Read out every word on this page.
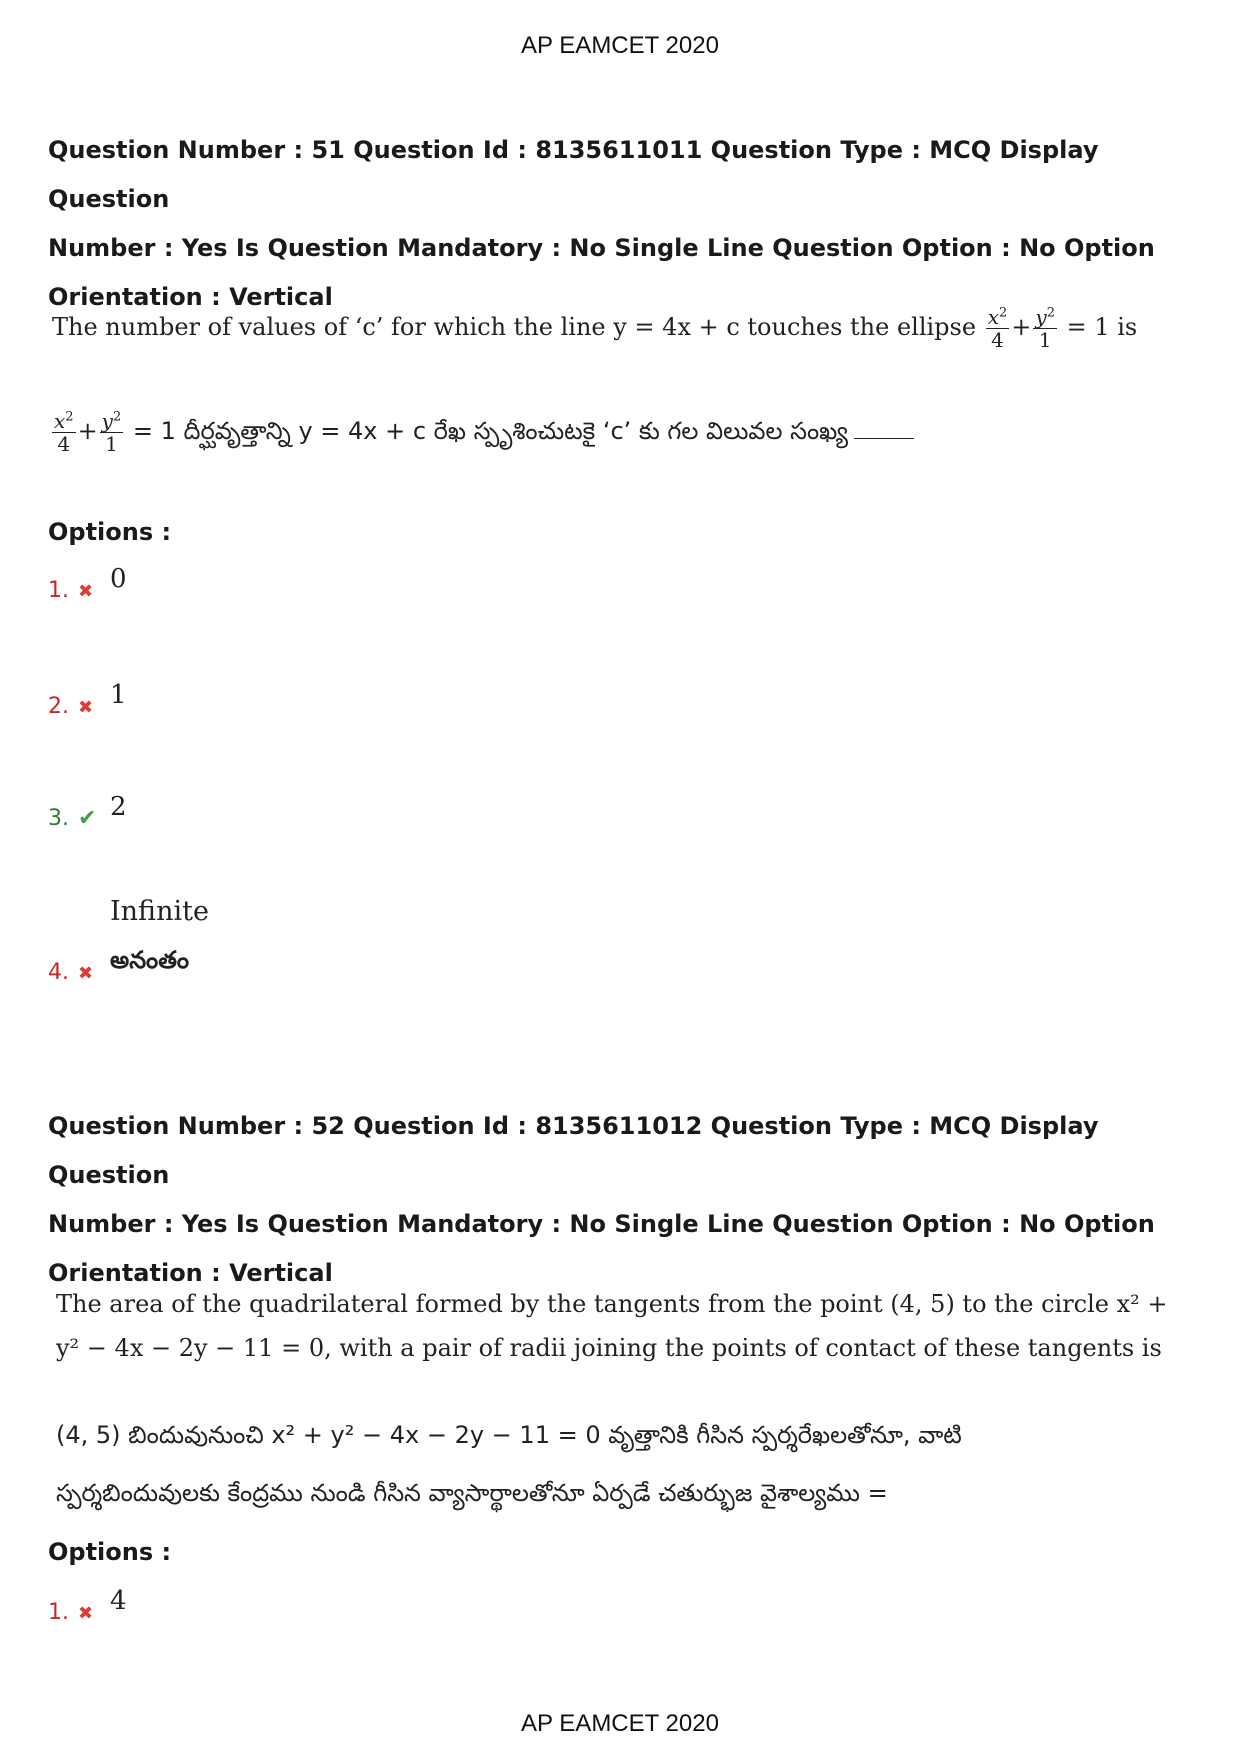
AP EAMCET 2020
Question Number : 51 Question Id : 8135611011 Question Type : MCQ Display Question
Number : Yes Is Question Mandatory : No Single Line Question Option : No Option
Orientation : Vertical
The number of values of ‘c’ for which the line y = 4x + c touches the ellipse $\frac{x^2}{4} + \frac{y^2}{1} = 1$ is
$\frac{x^2}{4} + \frac{y^2}{1} = 1$ దీర్ఘవృత్తాన్ని y = 4x + c రేఖ స్పృశించుటకై ‘c’ కు గల విలువల సంఖ్య
Options :
1. ✖ 0
2. ✖ 1
3. ✔ 2
Infinite
4. ✖ అనంతం
Question Number : 52 Question Id : 8135611012 Question Type : MCQ Display Question
Number : Yes Is Question Mandatory : No Single Line Question Option : No Option
Orientation : Vertical
The area of the quadrilateral formed by the tangents from the point (4, 5) to the circle x² +
y² − 4x − 2y − 11 = 0, with a pair of radii joining the points of contact of these tangents is
(4, 5) బిందువునుంచి x² + y² − 4x − 2y − 11 = 0 వృత్తానికి గీసిన స్పర్శరేఖలతోనూ, వాటి
స్పర్శబిందువులకు కేంద్రము నుండి గీసిన వ్యాసార్థాలతోనూ ఏర్పడే చతుర్భుజ వైశాల్యము =
Options :
1. ✖ 4
AP EAMCET 2020
